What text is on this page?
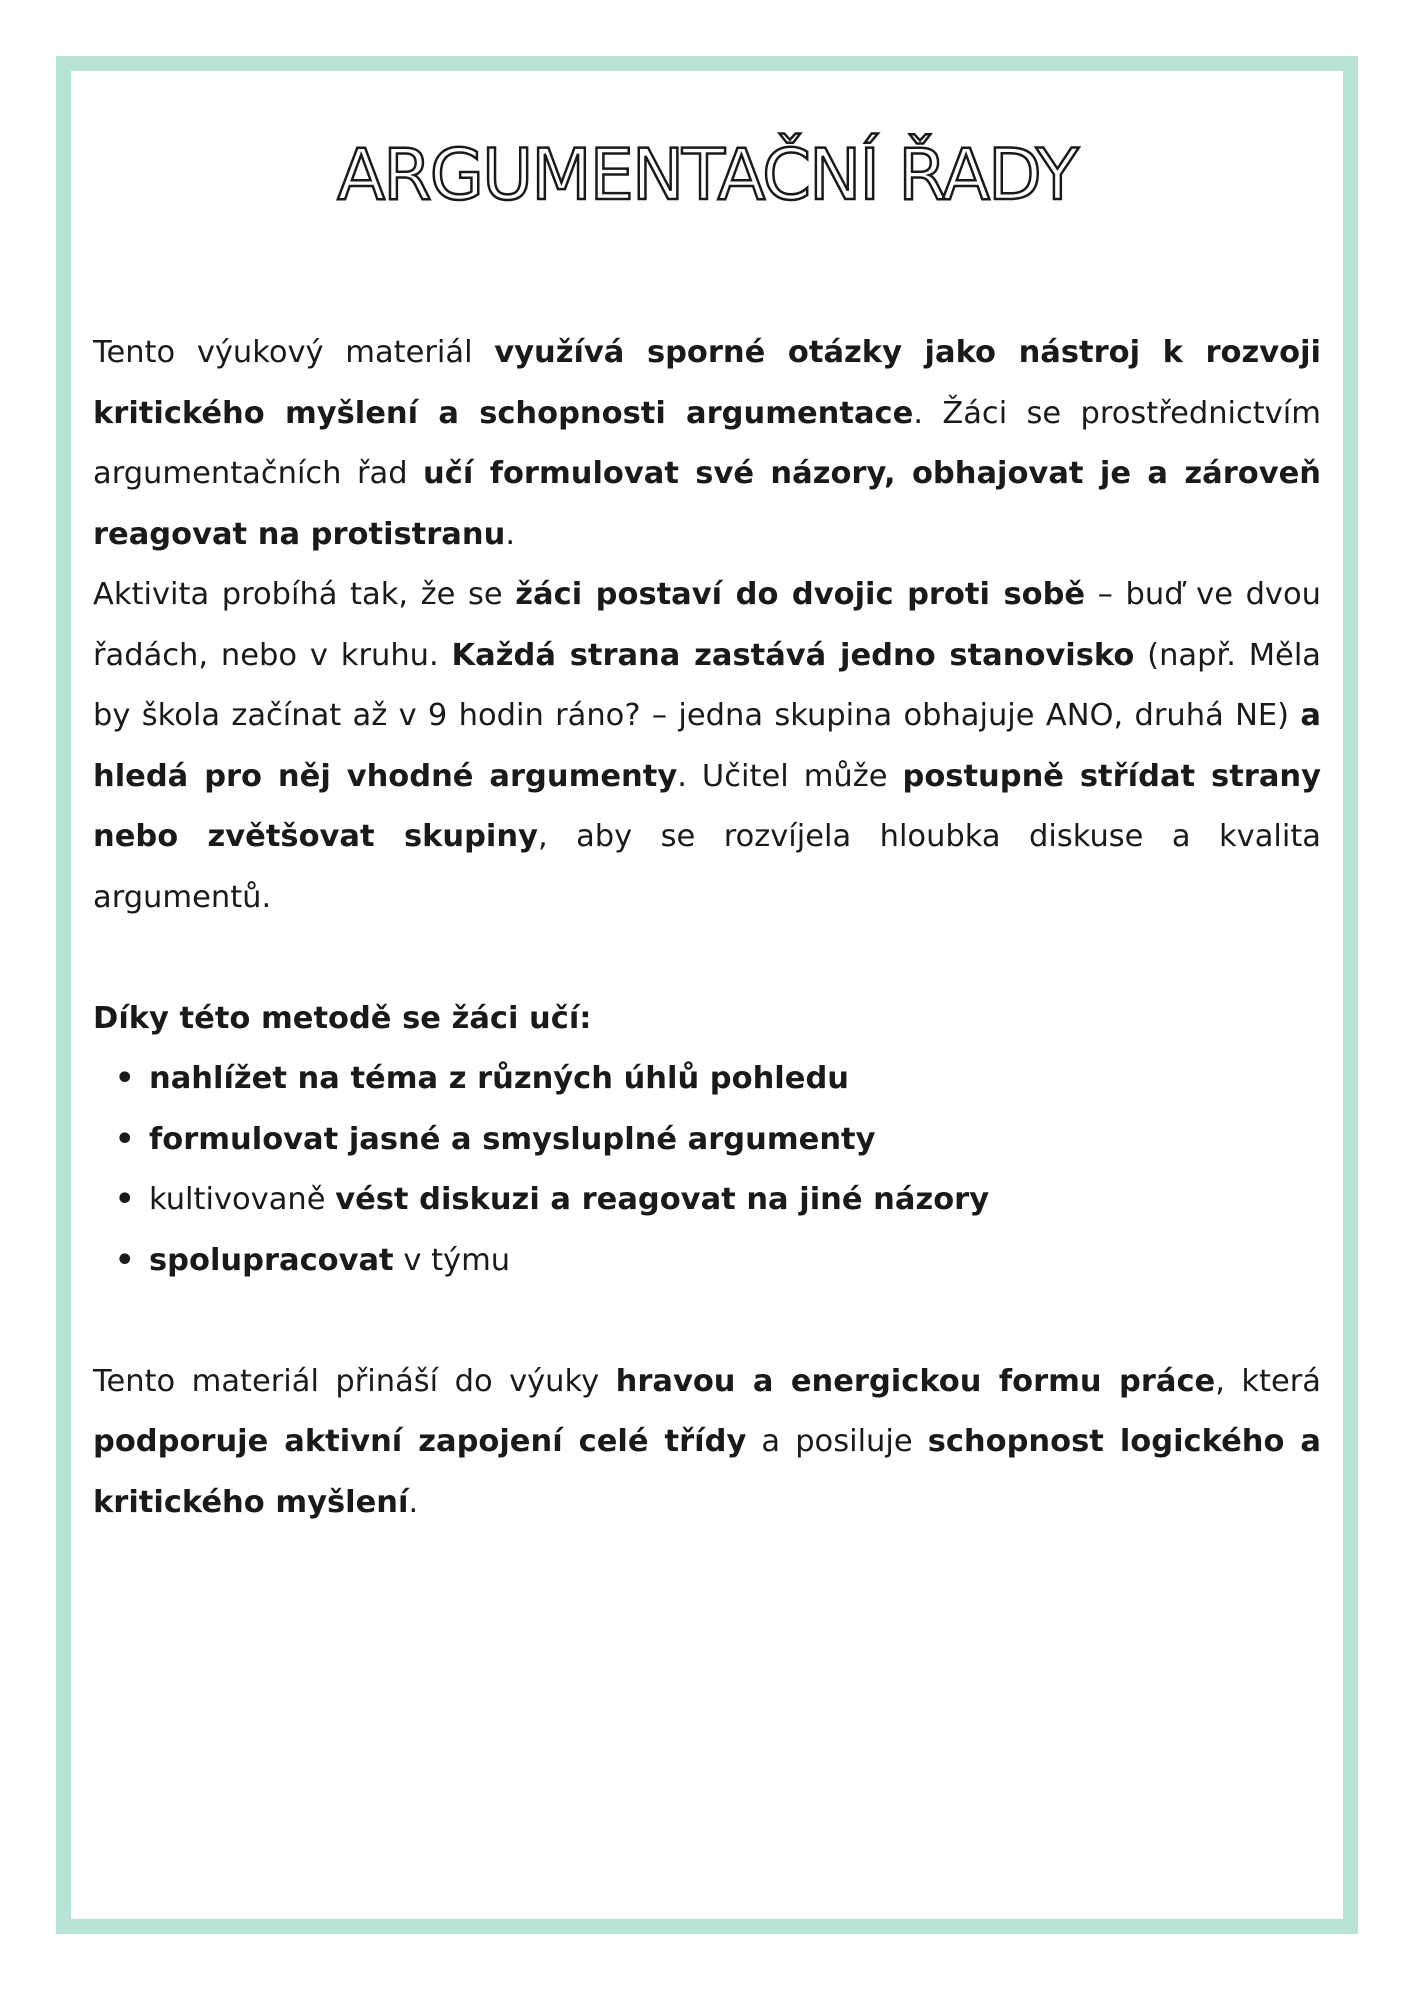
ARGUMENTAČNÍ ŘADY

Tento výukový materiál využívá sporné otázky jako nástroj k rozvoji kritického myšlení a schopnosti argumentace. Žáci se prostřednictvím argumentačních řad učí formulovat své názory, obhajovat je a zároveň reagovat na protistranu.

Aktivita probíhá tak, že se žáci postaví do dvojic proti sobě – buď ve dvou řadách, nebo v kruhu. Každá strana zastává jedno stanovisko (např. Měla by škola začínat až v 9 hodin ráno? – jedna skupina obhajuje ANO, druhá NE) a hledá pro něj vhodné argumenty. Učitel může postupně střídat strany nebo zvětšovat skupiny, aby se rozvíjela hloubka diskuse a kvalita argumentů.

Díky této metodě se žáci učí:

• nahlížet na téma z různých úhlů pohledu
• formulovat jasné a smysluplné argumenty
• kultivovaně vést diskuzi a reagovat na jiné názory
• spolupracovat v týmu

Tento materiál přináší do výuky hravou a energickou formu práce, která podporuje aktivní zapojení celé třídy a posiluje schopnost logického a kritického myšlení.
